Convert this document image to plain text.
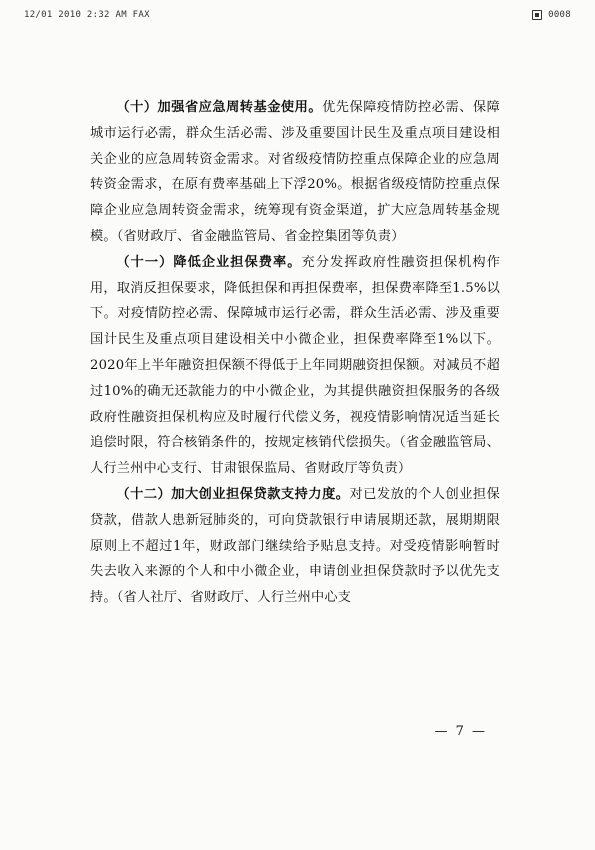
12/01 2010 2:32 AM FAX	0008

（十）加强省应急周转基金使用。优先保障疫情防控必需、保障城市运行必需，群众生活必需、涉及重要国计民生及重点项目建设相关企业的应急周转资金需求。对省级疫情防控重点保障企业的应急周转资金需求，在原有费率基础上下浮20%。根据省级疫情防控重点保障企业应急周转资金需求，统筹现有资金渠道，扩大应急周转基金规模。（省财政厅、省金融监管局、省金控集团等负责）

（十一）降低企业担保费率。充分发挥政府性融资担保机构作用，取消反担保要求，降低担保和再担保费率，担保费率降至1.5%以下。对疫情防控必需、保障城市运行必需，群众生活必需、涉及重要国计民生及重点项目建设相关中小微企业，担保费率降至1%以下。2020年上半年融资担保额不得低于上年同期融资担保额。对减员不超过10%的确无还款能力的中小微企业，为其提供融资担保服务的各级政府性融资担保机构应及时履行代偿义务，视疫情影响情况适当延长追偿时限，符合核销条件的，按规定核销代偿损失。（省金融监管局、人行兰州中心支行、甘肃银保监局、省财政厅等负责）

（十二）加大创业担保贷款支持力度。对已发放的个人创业担保贷款，借款人患新冠肺炎的，可向贷款银行申请展期还款，展期期限原则上不超过1年，财政部门继续给予贴息支持。对受疫情影响暂时失去收入来源的个人和中小微企业，申请创业担保贷款时予以优先支持。（省人社厅、省财政厅、人行兰州中心支

— 7 —
